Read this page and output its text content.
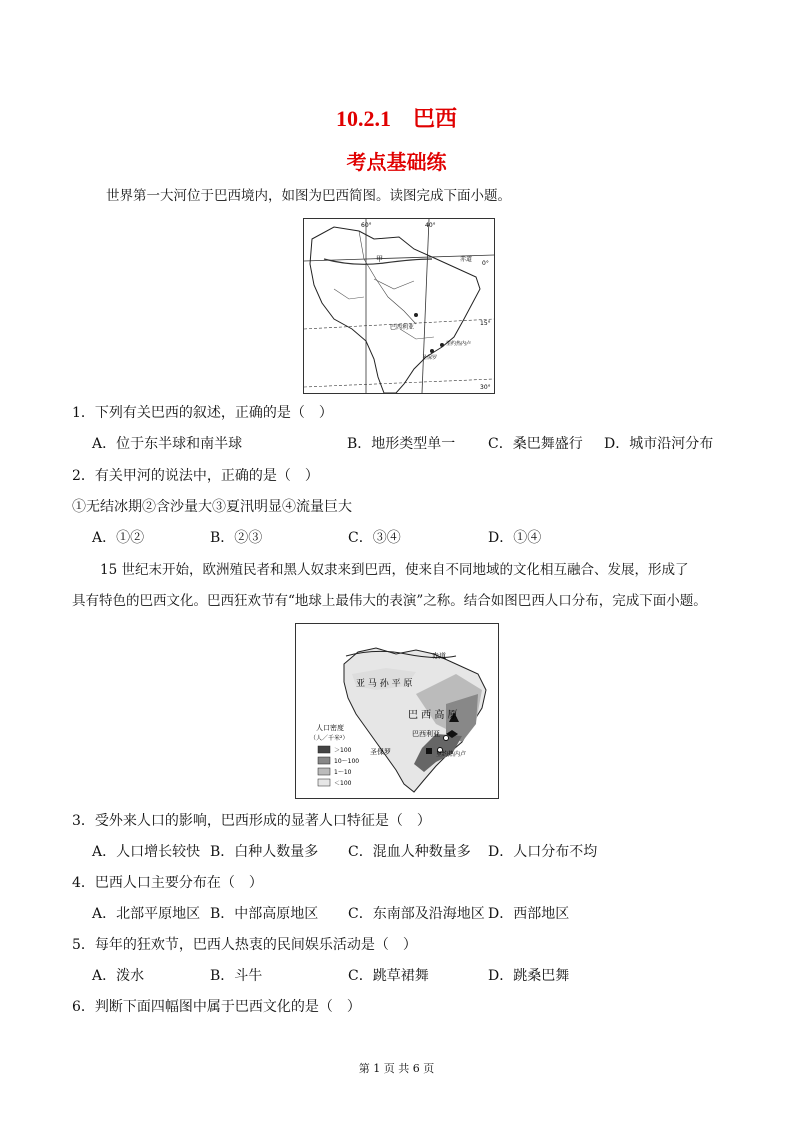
10.2.1　巴西
考点基础练
世界第一大河位于巴西境内，如图为巴西简图。读图完成下面小题。
60°	40°
0°
15°
30°
甲	赤道
巴西利亚
里约热内卢
圣保罗
1．下列有关巴西的叙述，正确的是（　）
A．位于东半球和南半球	B．地形类型单一 C．桑巴舞盛行 D．城市沿河分布
2．有关甲河的说法中，正确的是（　）
①无结冰期②含沙量大③夏汛明显④流量巨大
A．①②	B．②③	C．③④	D．①④
15 世纪末开始，欧洲殖民者和黑人奴隶来到巴西，使来自不同地域的文化相互融合、发展，形成了
具有特色的巴西文化。巴西狂欢节有“地球上最伟大的表演”之称。结合如图巴西人口分布，完成下面小题。
赤道
亚 马 孙 平 原
巴 西 高 原
巴西利亚
圣保罗	里约热内卢
人口密度
（人／千米²）
＞100
10～100
1～10
＜100
3．受外来人口的影响，巴西形成的显著人口特征是（　）
A．人口增长较快 B．白种人数量多 C．混血人种数量多 D．人口分布不均
4．巴西人口主要分布在（　）
A．北部平原地区 B．中部高原地区 C．东南部及沿海地区 D．西部地区
5．每年的狂欢节，巴西人热衷的民间娱乐活动是（　）
A．泼水	B．斗牛	C．跳草裙舞	D．跳桑巴舞
6．判断下面四幅图中属于巴西文化的是（　）
第 1 页 共 6 页
